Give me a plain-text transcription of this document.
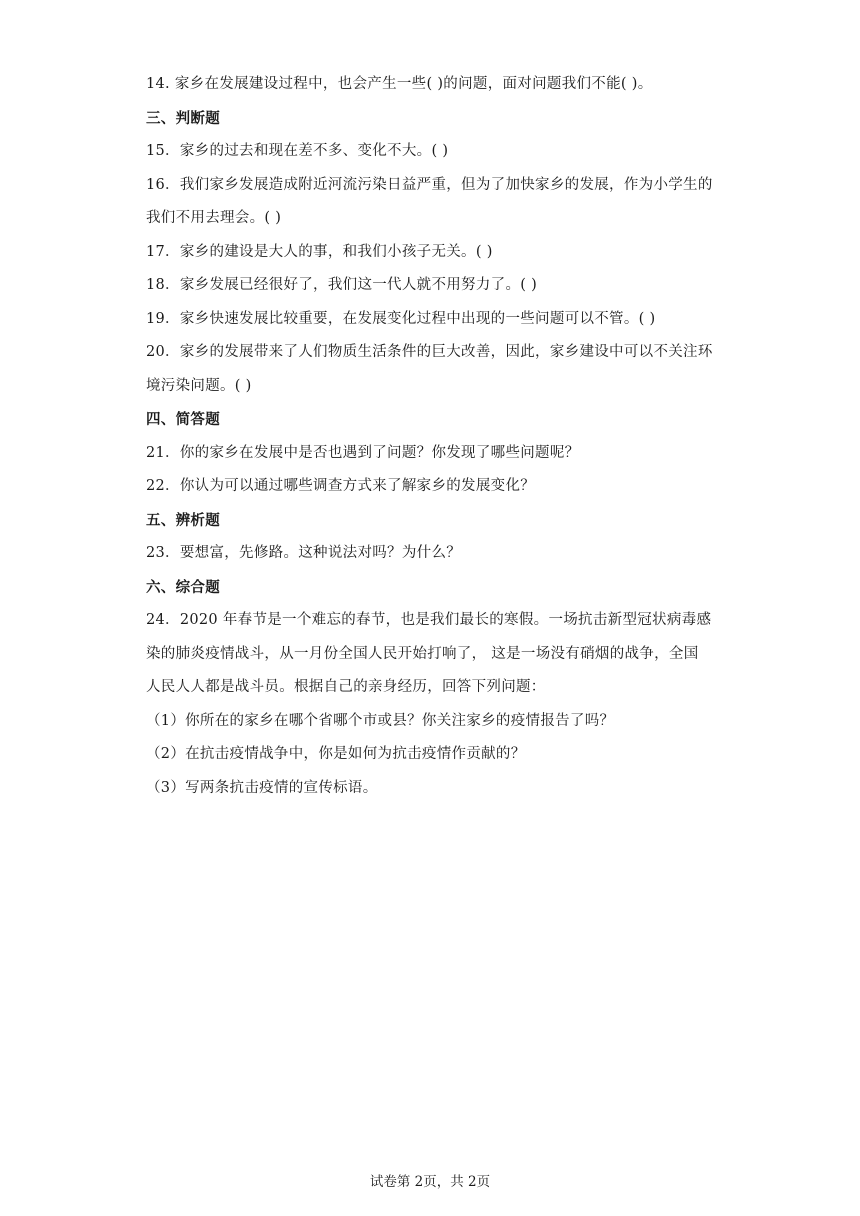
14. 家乡在发展建设过程中，也会产生一些( )的问题，面对问题我们不能( )。
三、判断题
15．家乡的过去和现在差不多、变化不大。( )
16．我们家乡发展造成附近河流污染日益严重，但为了加快家乡的发展，作为小学生的
我们不用去理会。( )
17．家乡的建设是大人的事，和我们小孩子无关。( )
18．家乡发展已经很好了，我们这一代人就不用努力了。( )
19．家乡快速发展比较重要，在发展变化过程中出现的一些问题可以不管。( )
20．家乡的发展带来了人们物质生活条件的巨大改善，因此，家乡建设中可以不关注环
境污染问题。( )
四、简答题
21．你的家乡在发展中是否也遇到了问题？你发现了哪些问题呢？
22．你认为可以通过哪些调查方式来了解家乡的发展变化？
五、辨析题
23．要想富，先修路。这种说法对吗？为什么？
六、综合题
24．2020 年春节是一个难忘的春节，也是我们最长的寒假。一场抗击新型冠状病毒感
染的肺炎疫情战斗，从一月份全国人民开始打响了， 这是一场没有硝烟的战争，全国
人民人人都是战斗员。根据自己的亲身经历，回答下列问题：
（1）你所在的家乡在哪个省哪个市或县？你关注家乡的疫情报告了吗？
（2）在抗击疫情战争中，你是如何为抗击疫情作贡献的？
（3）写两条抗击疫情的宣传标语。
试卷第 2页，共 2页
